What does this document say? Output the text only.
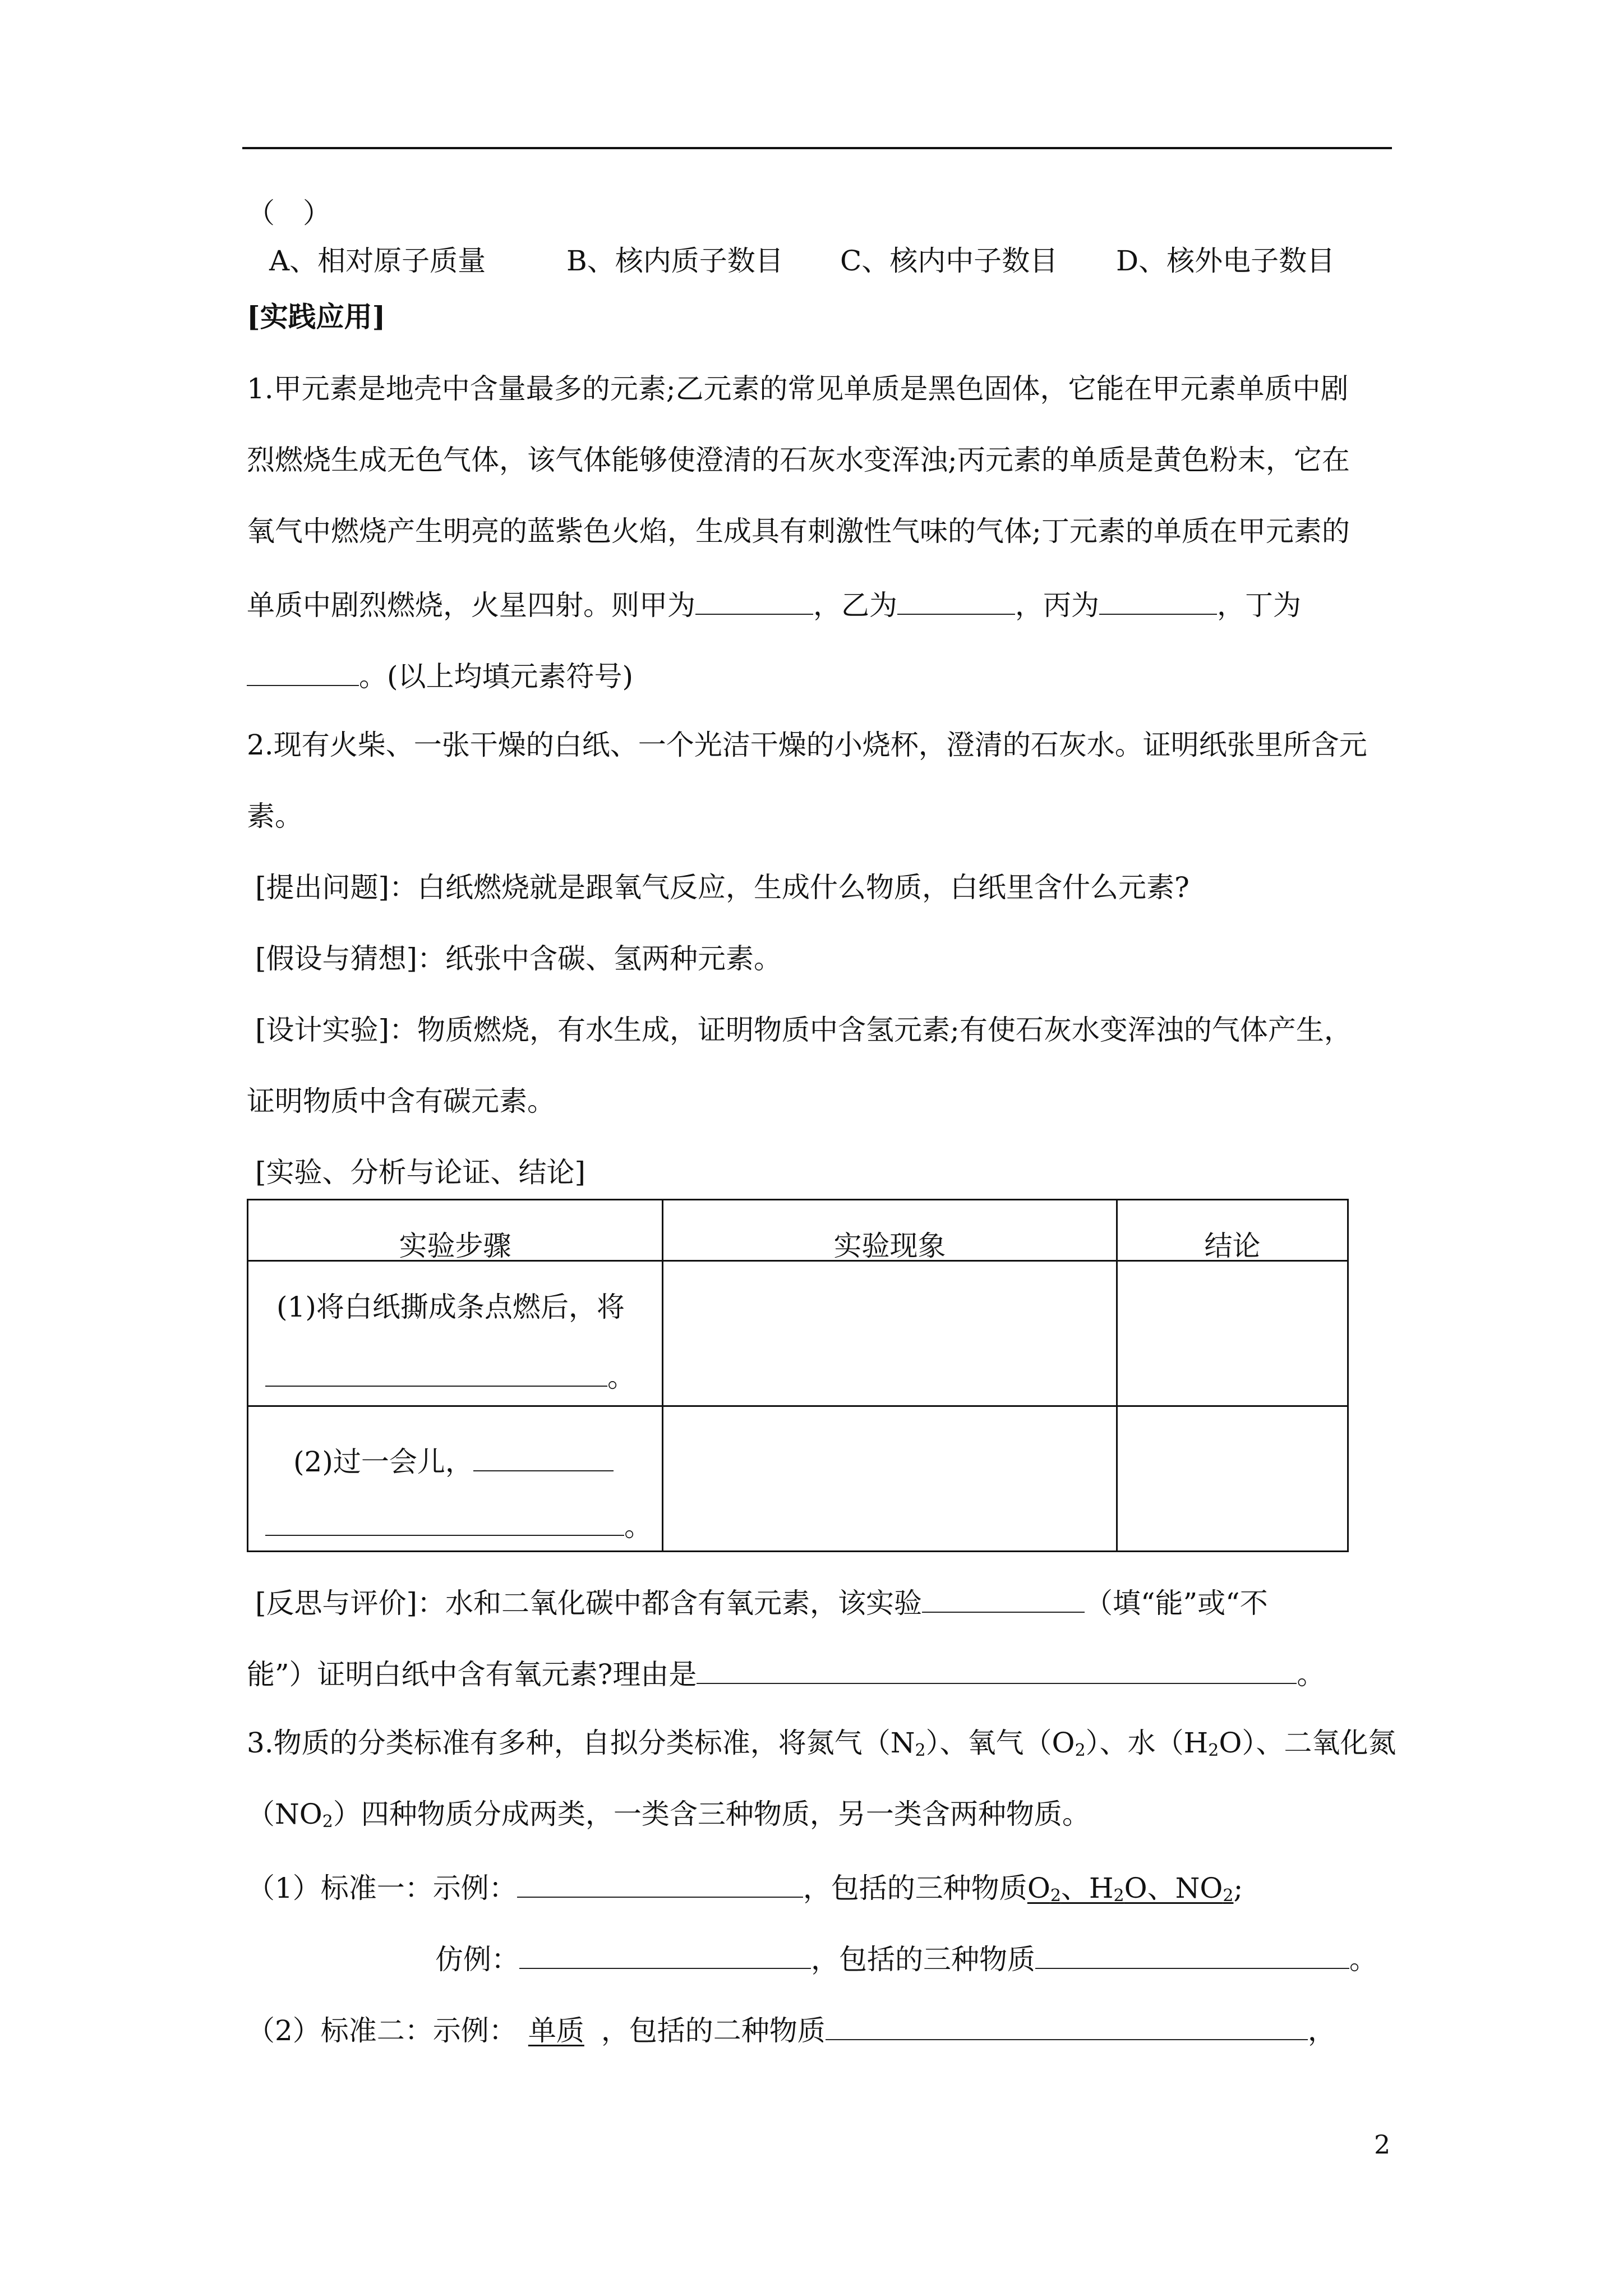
（　）
A、相对原子质量	B、核内质子数目 C、核内中子数目 D、核外电子数目
[实践应用]
1.甲元素是地壳中含量最多的元素;乙元素的常见单质是黑色固体，它能在甲元素单质中剧
烈燃烧生成无色气体，该气体能够使澄清的石灰水变浑浊;丙元素的单质是黄色粉末，它在
氧气中燃烧产生明亮的蓝紫色火焰，生成具有刺激性气味的气体;丁元素的单质在甲元素的
单质中剧烈燃烧，火星四射。则甲为	，乙为	，丙为	，丁为
。(以上均填元素符号)
2.现有火柴、一张干燥的白纸、一个光洁干燥的小烧杯，澄清的石灰水。证明纸张里所含元
素。
[提出问题]：白纸燃烧就是跟氧气反应，生成什么物质，白纸里含什么元素?
[假设与猜想]：纸张中含碳、氢两种元素。
[设计实验]：物质燃烧，有水生成，证明物质中含氢元素;有使石灰水变浑浊的气体产生，
证明物质中含有碳元素。
[实验、分析与论证、结论]
实验步骤	实验现象	结论

(1)将白纸撕成条点燃后，将
。		

(2)过一会儿，
。		

[反思与评价]：水和二氧化碳中都含有氧元素，该实验	（填“能”或“不
能”）证明白纸中含有氧元素?理由是	。
3.物质的分类标准有多种，自拟分类标准，将氮气$(N_2)$、氧气$(O_2)$、水$(H_2O)$、二氧化氮
$(NO_2)$四种物质分成两类，一类含三种物质，另一类含两种物质。
（1）标准一：示例：	，包括的三种物质$O_2$、$H_2O$、$NO_2$;
仿例：	，包括的三种物质	。
（2）标准二：示例： 单质 ，包括的二种物质	，
2
